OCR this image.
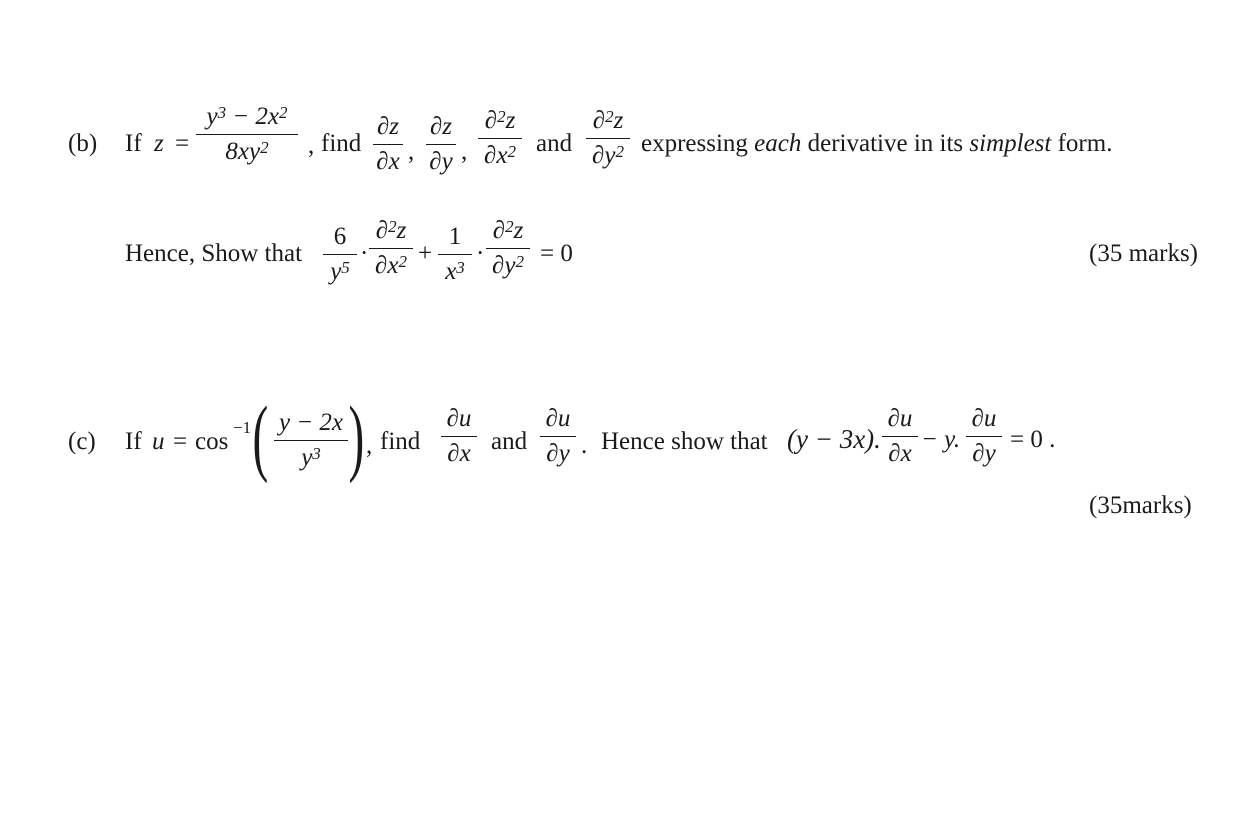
(b) If z =
$y^3 - 2x^2$
$8xy^2$ , find
∂z
∂x ,
∂z
∂y ,
∂$^2$z
$\partial x^2$ and
∂$^2$z
$\partial y^2$ expressing each derivative in its simplest form.
Hence, Show that
6
$y^5$
·
∂$^2$z
$\partial x^2$ +
1
$x^3$
·
∂$^2$z
$\partial y^2 = 0$	(35 marks)
(c) If u = cos
−1 ( y − 2x
$y^3$ ) , find
∂u
∂x and
∂u
∂y . Hence show that (y − 3x).
∂u
∂x
− y.
∂u
∂y
= 0 .
(35marks)
